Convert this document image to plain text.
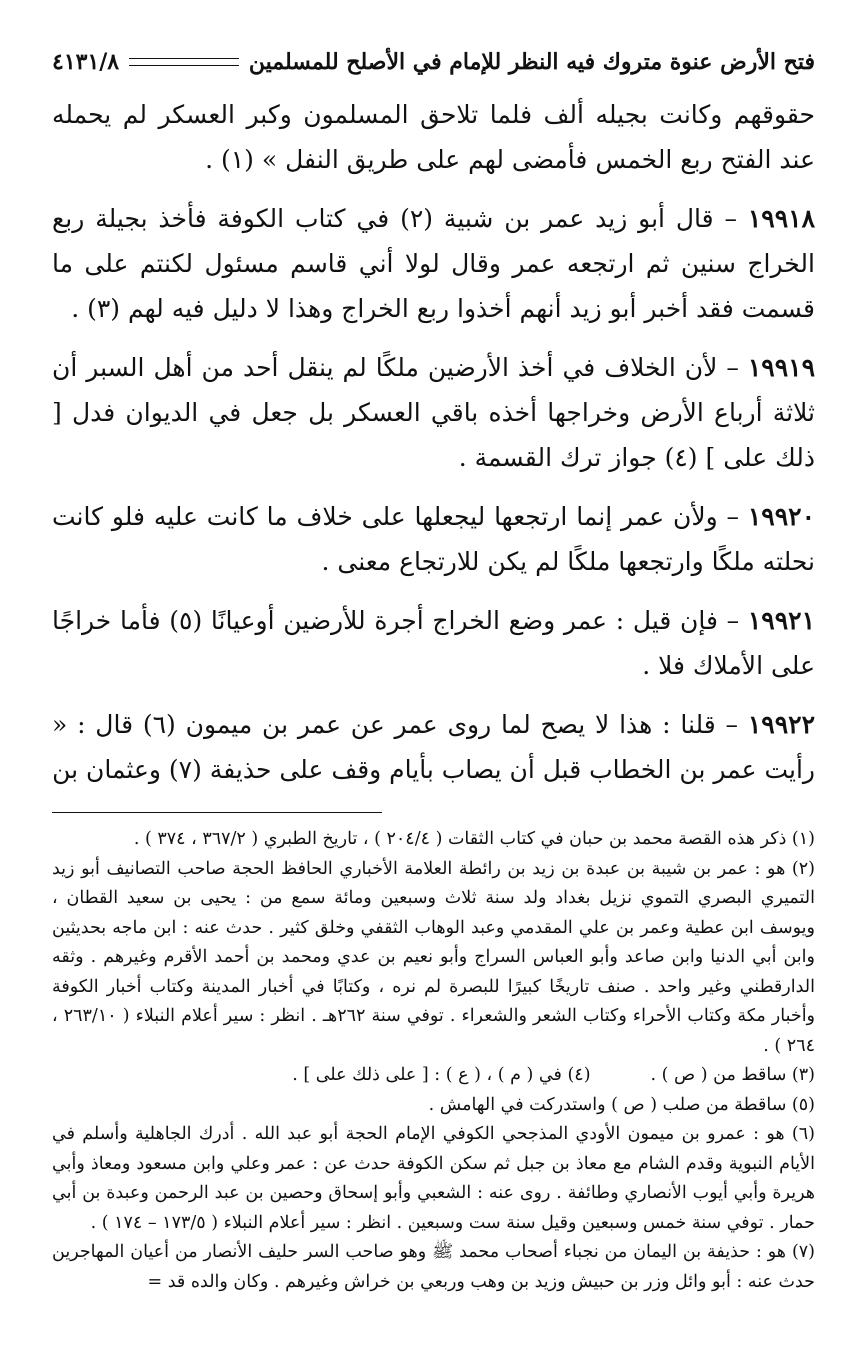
فتح الأرض عنوة متروك فيه النظر للإمام في الأصلح للمسلمين
٤١٣١/٨

حقوقهم وكانت بجيله ألف فلما تلاحق المسلمون وكبر العسكر لم يحمله عند الفتح ربع الخمس فأمضى لهم على طريق النفل » (١) .

١٩٩١٨ – قال أبو زيد عمر بن شبية (٢) في كتاب الكوفة فأخذ بجيلة ربع الخراج سنين ثم ارتجعه عمر وقال لولا أني قاسم مسئول لكنتم على ما قسمت فقد أخبر أبو زيد أنهم أخذوا ربع الخراج وهذا لا دليل فيه لهم (٣) .

١٩٩١٩ – لأن الخلاف في أخذ الأرضين ملكًا لم ينقل أحد من أهل السبر أن ثلاثة أرباع الأرض وخراجها أخذه باقي العسكر بل جعل في الديوان فدل [ ذلك على ] (٤) جواز ترك القسمة .

١٩٩٢٠ – ولأن عمر إنما ارتجعها ليجعلها على خلاف ما كانت عليه فلو كانت نحلته ملكًا وارتجعها ملكًا لم يكن للارتجاع معنى .

١٩٩٢١ – فإن قيل : عمر وضع الخراج أجرة للأرضين أوعيانًا (٥) فأما خراجًا على الأملاك فلا .

١٩٩٢٢ – قلنا : هذا لا يصح لما روى عمر عن عمر بن ميمون (٦) قال : « رأيت عمر بن الخطاب قبل أن يصاب بأيام وقف على حذيفة (٧) وعثمان بن

(١) ذكر هذه القصة محمد بن حبان في كتاب الثقات ( ٢٠٤/٤ ) ، تاريخ الطبري ( ٣٦٧/٢ ، ٣٧٤ ) .

(٢) هو : عمر بن شيبة بن عبدة بن زيد بن رائطة العلامة الأخباري الحافظ الحجة صاحب التصانيف أبو زيد التميري البصري التموي نزيل بغداد ولد سنة ثلاث وسبعين ومائة سمع من : يحيى بن سعيد القطان ، ويوسف ابن عطية وعمر بن علي المقدمي وعبد الوهاب الثقفي وخلق كثير . حدث عنه : ابن ماجه بحديثين وابن أبي الدنيا وابن صاعد وأبو العباس السراج وأبو نعيم بن عدي ومحمد بن أحمد الأقرم وغيرهم . وثقه الدارقطني وغير واحد . صنف تاريخًا كبيرًا للبصرة لم نره ، وكتابًا في أخبار المدينة وكتاب أخبار الكوفة وأخبار مكة وكتاب الأحراء وكتاب الشعر والشعراء . توفي سنة ٢٦٢هـ . انظر : سير أعلام النبلاء ( ٢٦٣/١٠ ، ٢٦٤ ) .

(٣) ساقط من ( ص ) .

(٤) في ( م ) ، ( ع ) : [ على ذلك على ] .

(٥) ساقطة من صلب ( ص ) واستدركت في الهامش .

(٦) هو : عمرو بن ميمون الأودي المذجحي الكوفي الإمام الحجة أبو عبد الله . أدرك الجاهلية وأسلم في الأيام النبوية وقدم الشام مع معاذ بن جبل ثم سكن الكوفة حدث عن : عمر وعلي وابن مسعود ومعاذ وأبي هريرة وأبي أيوب الأنصاري وطائفة . روى عنه : الشعبي وأبو إسحاق وحصين بن عبد الرحمن وعبدة بن أبي حمار . توفي سنة خمس وسبعين وقيل سنة ست وسبعين . انظر : سير أعلام النبلاء ( ١٧٣/٥ – ١٧٤ ) .

(٧) هو : حذيفة بن اليمان من نجباء أصحاب محمد ﷺ وهو صاحب السر حليف الأنصار من أعيان المهاجرين حدث عنه : أبو وائل وزر بن حبيش وزيد بن وهب وربعي بن خراش وغيرهم . وكان والده قد =
